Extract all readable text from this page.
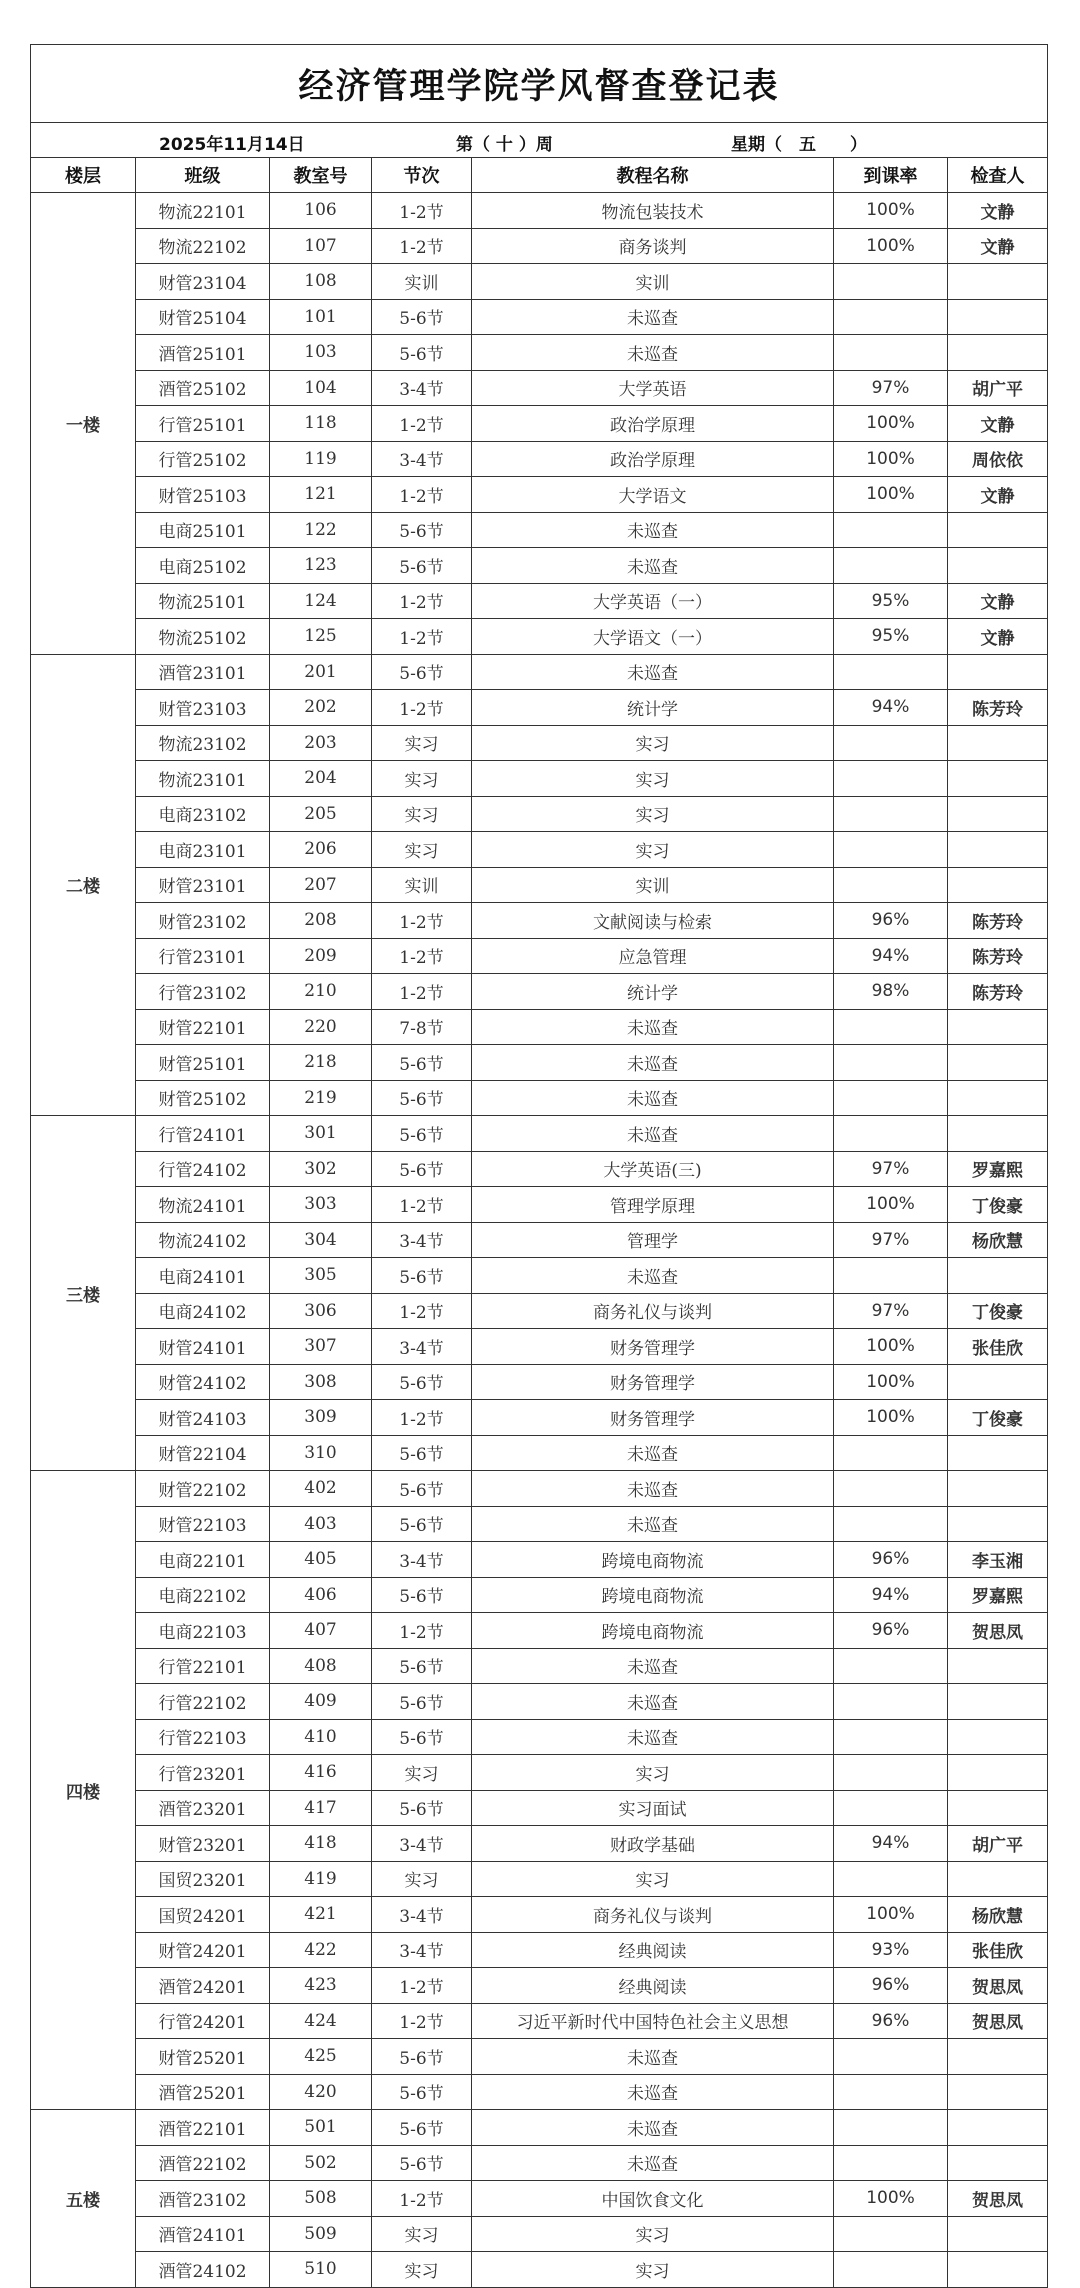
经济管理学院学风督查登记表						

2025年11月14日 第（ 十 ）周 星期（　五　　）						

楼层	班级	教室号	节次	教程名称	到课率	检查人
一楼	物流22101	106	1-2节	物流包装技术	100%	文静
	物流22102	107	1-2节	商务谈判	100%	文静
	财管23104	108	实训	实训		
	财管25104	101	5-6节	未巡查		
	酒管25101	103	5-6节	未巡查		
	酒管25102	104	3-4节	大学英语	97%	胡广平
	行管25101	118	1-2节	政治学原理	100%	文静
	行管25102	119	3-4节	政治学原理	100%	周依依
	财管25103	121	1-2节	大学语文	100%	文静
	电商25101	122	5-6节	未巡查		
	电商25102	123	5-6节	未巡查		
	物流25101	124	1-2节	大学英语（一）	95%	文静
	物流25102	125	1-2节	大学语文（一）	95%	文静
二楼	酒管23101	201	5-6节	未巡查		
	财管23103	202	1-2节	统计学	94%	陈芳玲
	物流23102	203	实习	实习		
	物流23101	204	实习	实习		
	电商23102	205	实习	实习		
	电商23101	206	实习	实习		
	财管23101	207	实训	实训		
	财管23102	208	1-2节	文献阅读与检索	96%	陈芳玲
	行管23101	209	1-2节	应急管理	94%	陈芳玲
	行管23102	210	1-2节	统计学	98%	陈芳玲
	财管22101	220	7-8节	未巡查		
	财管25101	218	5-6节	未巡查		
	财管25102	219	5-6节	未巡查		
三楼	行管24101	301	5-6节	未巡查		
	行管24102	302	5-6节	大学英语(三)	97%	罗嘉熙
	物流24101	303	1-2节	管理学原理	100%	丁俊豪
	物流24102	304	3-4节	管理学	97%	杨欣慧
	电商24101	305	5-6节	未巡查		
	电商24102	306	1-2节	商务礼仪与谈判	97%	丁俊豪
	财管24101	307	3-4节	财务管理学	100%	张佳欣
	财管24102	308	5-6节	财务管理学	100%	
	财管24103	309	1-2节	财务管理学	100%	丁俊豪
	财管22104	310	5-6节	未巡查		
四楼	财管22102	402	5-6节	未巡查		
	财管22103	403	5-6节	未巡查		
	电商22101	405	3-4节	跨境电商物流	96%	李玉湘
	电商22102	406	5-6节	跨境电商物流	94%	罗嘉熙
	电商22103	407	1-2节	跨境电商物流	96%	贺思凤
	行管22101	408	5-6节	未巡查		
	行管22102	409	5-6节	未巡查		
	行管22103	410	5-6节	未巡查		
	行管23201	416	实习	实习		
	酒管23201	417	5-6节	实习面试		
	财管23201	418	3-4节	财政学基础	94%	胡广平
	国贸23201	419	实习	实习		
	国贸24201	421	3-4节	商务礼仪与谈判	100%	杨欣慧
	财管24201	422	3-4节	经典阅读	93%	张佳欣
	酒管24201	423	1-2节	经典阅读	96%	贺思凤
	行管24201	424	1-2节	习近平新时代中国特色社会主义思想	96%	贺思凤
	财管25201	425	5-6节	未巡查		
	酒管25201	420	5-6节	未巡查		
五楼	酒管22101	501	5-6节	未巡查		
	酒管22102	502	5-6节	未巡查		
	酒管23102	508	1-2节	中国饮食文化	100%	贺思凤
	酒管24101	509	实习	实习		
	酒管24102	510	实习	实习		
